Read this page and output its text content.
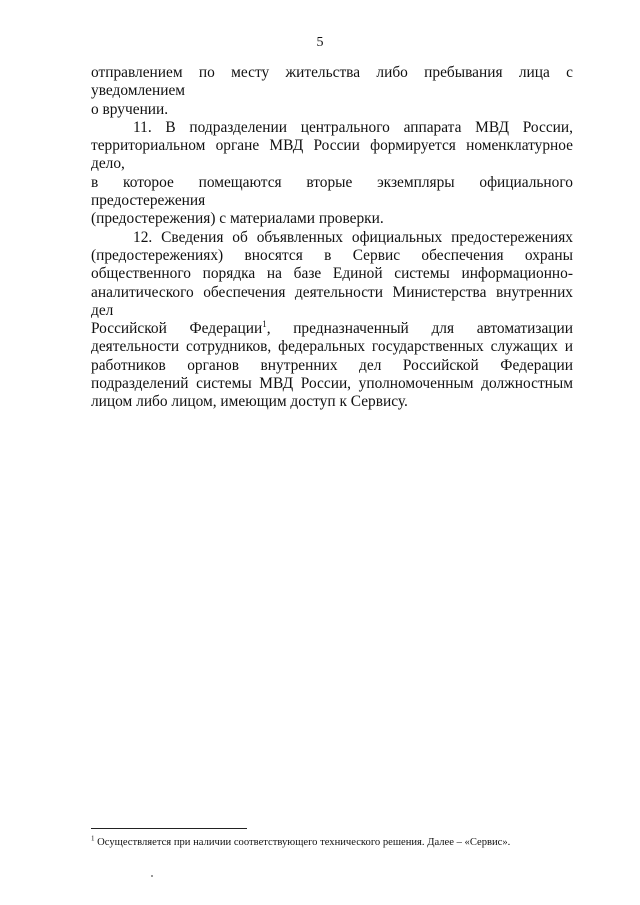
5

отправлением по месту жительства либо пребывания лица с уведомлением
о вручении.

11. В подразделении центрального аппарата МВД России,
территориальном органе МВД России формируется номенклатурное дело,
в которое помещаются вторые экземпляры официального предостережения
(предостережения) с материалами проверки.

12. Сведения об объявленных официальных предостережениях
(предостережениях) вносятся в Сервис обеспечения охраны
общественного порядка на базе Единой системы информационно-
аналитического обеспечения деятельности Министерства внутренних дел
Российской Федерации$^1$, предназначенный для автоматизации
деятельности сотрудников, федеральных государственных служащих и
работников органов внутренних дел Российской Федерации
подразделений системы МВД России, уполномоченным должностным
лицом либо лицом, имеющим доступ к Сервису.

$^1$ Осуществляется при наличии соответствующего технического решения. Далее – «Сервис».
